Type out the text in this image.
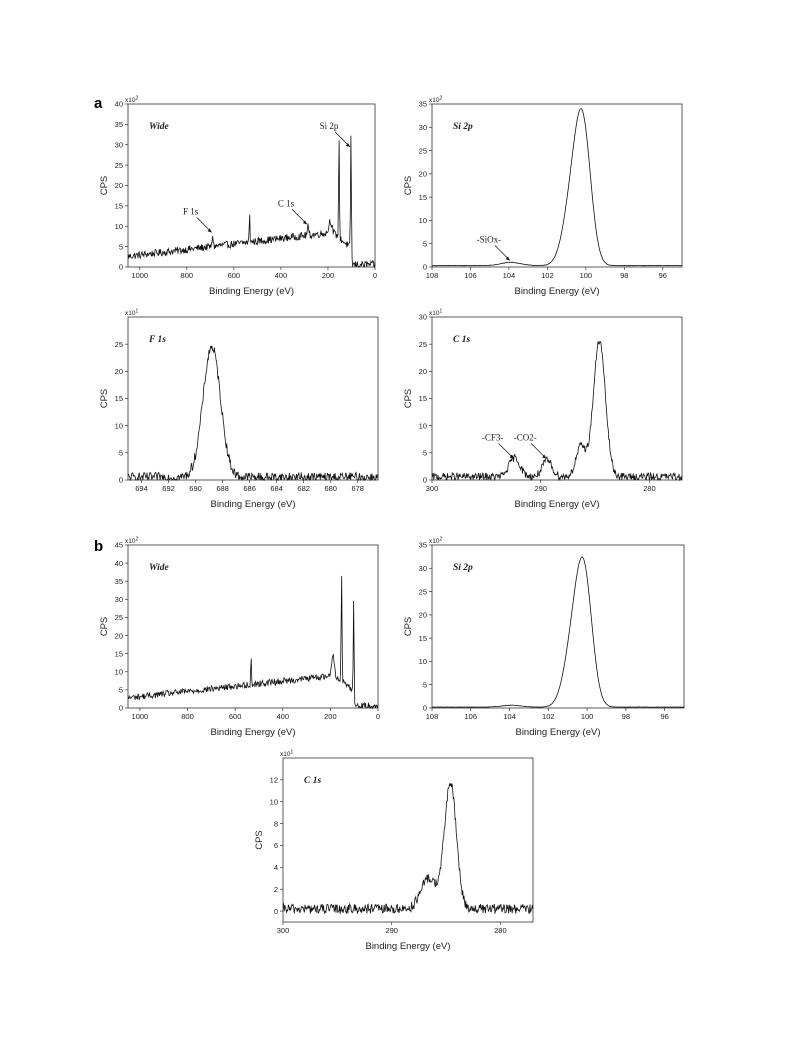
a
b
1000	800	600	400	200	0
0
5
10
15
20
25
30
35
40 $x10^2$
Binding Energy (eV)
CPS
Wide
F 1s
C 1s
Si 2p
108	106	104	102	100	98	96
0
5
10
15
20
25
30
35 $x10^2$
Binding Energy (eV)
CPS
Si 2p
-SiOx-
694 692 690 688 686 684 682 680 678
0
5
10
15
20
25
$x10^1$
Binding Energy (eV)
CPS
F 1s
300	290	280
0
5
10
15
20
25
30 $x10^1$
Binding Energy (eV)
CPS
C 1s
-CF3- -CO2-
1000	800	600	400	200	0
0
5
10
15
20
25
30
35
40
45 $x10^2$
Binding Energy (eV)
CPS
Wide
108	106	104	102	100	98	96
0
5
10
15
20
25
30
35 $x10^2$
Binding Energy (eV)
CPS
Si 2p
300	290	280
0
2
4
6
8
10
12
$x10^1$
Binding Energy (eV)
CPS
C 1s
